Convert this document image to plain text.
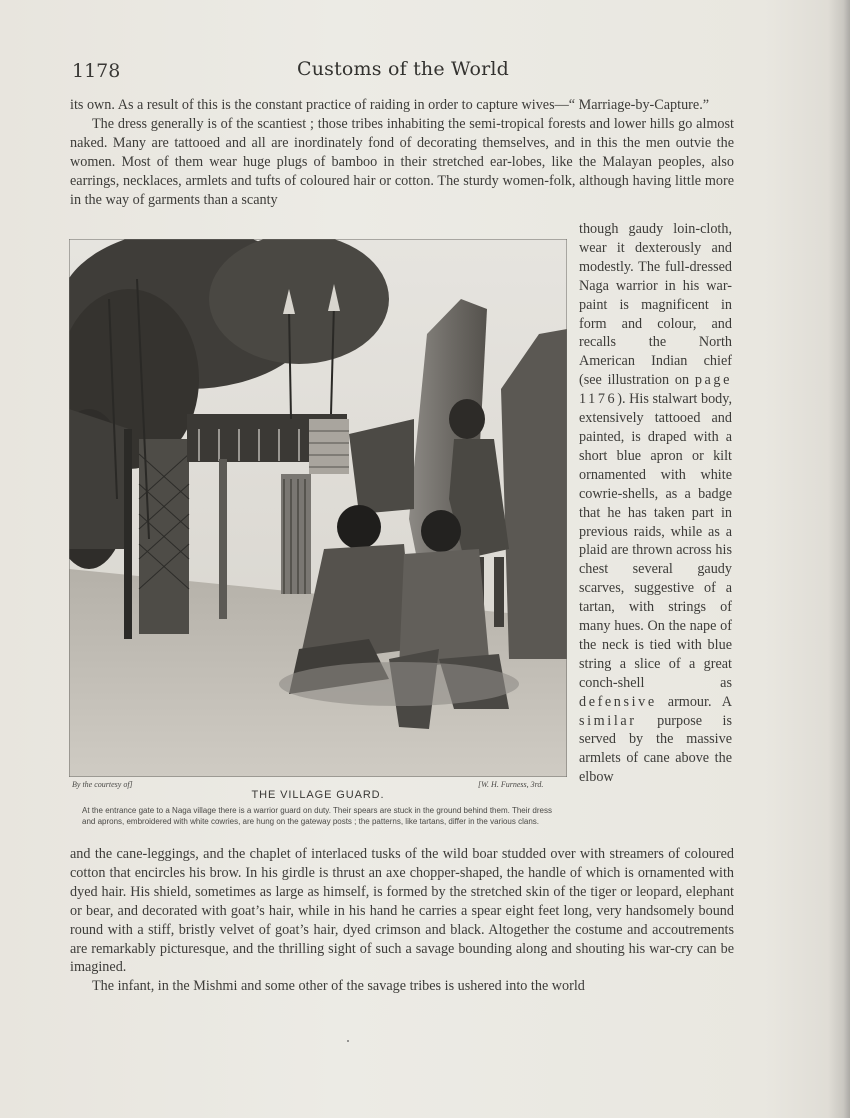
1178	Customs of the World

its own. As a result of this is the constant practice of raiding in order to capture wives—“ Marriage-by-Capture.”

The dress generally is of the scantiest ; those tribes inhabiting the semi-tropical forests and lower hills go almost naked. Many are tattooed and all are inordinately fond of decorating themselves, and in this the men outvie the women. Most of them wear huge plugs of bamboo in their stretched ear-lobes, like the Malayan peoples, also earrings, necklaces, armlets and tufts of coloured hair or cotton. The sturdy women-folk, although having little more in the way of garments than a scanty

By the courtesy of]	[W. H. Furness, 3rd.
THE VILLAGE GUARD.
At the entrance gate to a Naga village there is a warrior guard on duty. Their spears are stuck in the ground behind them. Their dress and aprons, embroidered with white cowries, are hung on the gateway posts ; the patterns, like tartans, differ in the various clans.
though gaudy loin-cloth, wear it dexterously and modestly. The full-dressed Naga warrior in his war-paint is magnificent in form and colour, and recalls the North American Indian chief (see illustration on page 1176). His stalwart body, extensively tattooed and painted, is draped with a short blue apron or kilt ornamented with white cowrie-shells, as a badge that he has taken part in previous raids, while as a plaid are thrown across his chest several gaudy scarves, suggestive of a tartan, with strings of many hues. On the nape of the neck is tied with blue string a slice of a great conch-shell as defensive armour. A similar purpose is served by the massive armlets of cane above the elbow

and the cane-leggings, and the chaplet of interlaced tusks of the wild boar studded over with streamers of coloured cotton that encircles his brow. In his girdle is thrust an axe chopper-shaped, the handle of which is ornamented with dyed hair. His shield, sometimes as large as himself, is formed by the stretched skin of the tiger or leopard, elephant or bear, and decorated with goat’s hair, while in his hand he carries a spear eight feet long, very handsomely bound round with a stiff, bristly velvet of goat’s hair, dyed crimson and black. Altogether the costume and accoutrements are remarkably picturesque, and the thrilling sight of such a savage bounding along and shouting his war-cry can be imagined.

The infant, in the Mishmi and some other of the savage tribes is ushered into the world
